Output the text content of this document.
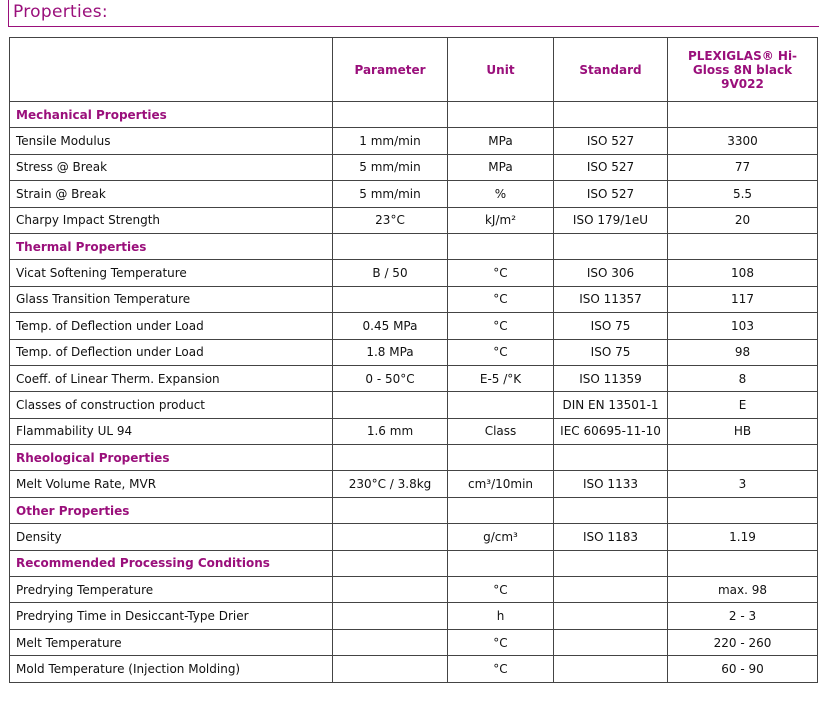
Properties:
	Parameter	Unit	Standard	PLEXIGLAS® Hi-Gloss 8N black 9V022
Mechanical Properties				
Tensile Modulus	1 mm/min	MPa	ISO 527	3300
Stress @ Break	5 mm/min	MPa	ISO 527	77
Strain @ Break	5 mm/min	%	ISO 527	5.5
Charpy Impact Strength	23°C	kJ/m²	ISO 179/1eU	20
Thermal Properties				
Vicat Softening Temperature	B / 50	°C	ISO 306	108
Glass Transition Temperature		°C	ISO 11357	117
Temp. of Deflection under Load	0.45 MPa	°C	ISO 75	103
Temp. of Deflection under Load	1.8 MPa	°C	ISO 75	98
Coeff. of Linear Therm. Expansion	0 - 50°C	E-5 /°K	ISO 11359	8
Classes of construction product			DIN EN 13501-1	E
Flammability UL 94	1.6 mm	Class	IEC 60695-11-10	HB
Rheological Properties				
Melt Volume Rate, MVR	230°C / 3.8kg	cm³/10min	ISO 1133	3
Other Properties				
Density		g/cm³	ISO 1183	1.19
Recommended Processing Conditions				
Predrying Temperature		°C		max. 98
Predrying Time in Desiccant-Type Drier		h		2 - 3
Melt Temperature		°C		220 - 260
Mold Temperature (Injection Molding)		°C		60 - 90
